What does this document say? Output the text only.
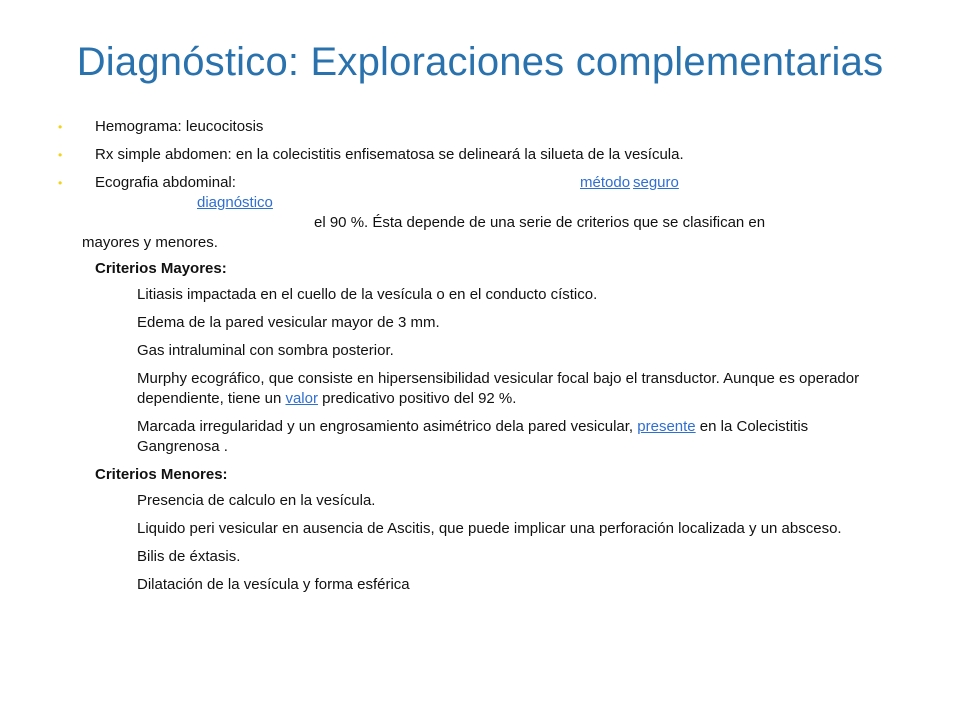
Diagnóstico: Exploraciones complementarias
• Hemograma: leucocitosis
• Rx simple abdomen: en la colecistitis enfisematosa se delineará la silueta de la vesícula.
• Ecografia abdominal:	método seguro
diagnóstico
el 90 %. Ésta depende de una serie de criterios que se clasifican en
mayores y menores.
Criterios Mayores:
Litiasis impactada en el cuello de la vesícula o en el conducto cístico.
Edema de la pared vesicular mayor de 3 mm.
Gas intraluminal con sombra posterior.
Murphy ecográfico, que consiste en hipersensibilidad vesicular focal bajo el transductor. Aunque es operador dependiente, tiene un valor predicativo positivo del 92 %.
Marcada irregularidad y un engrosamiento asimétrico dela pared vesicular, presente en la Colecistitis Gangrenosa .
Criterios Menores:
Presencia de calculo en la vesícula.
Liquido peri vesicular en ausencia de Ascitis, que puede implicar una perforación localizada y un absceso.
Bilis de éxtasis.
Dilatación de la vesícula y forma esférica
